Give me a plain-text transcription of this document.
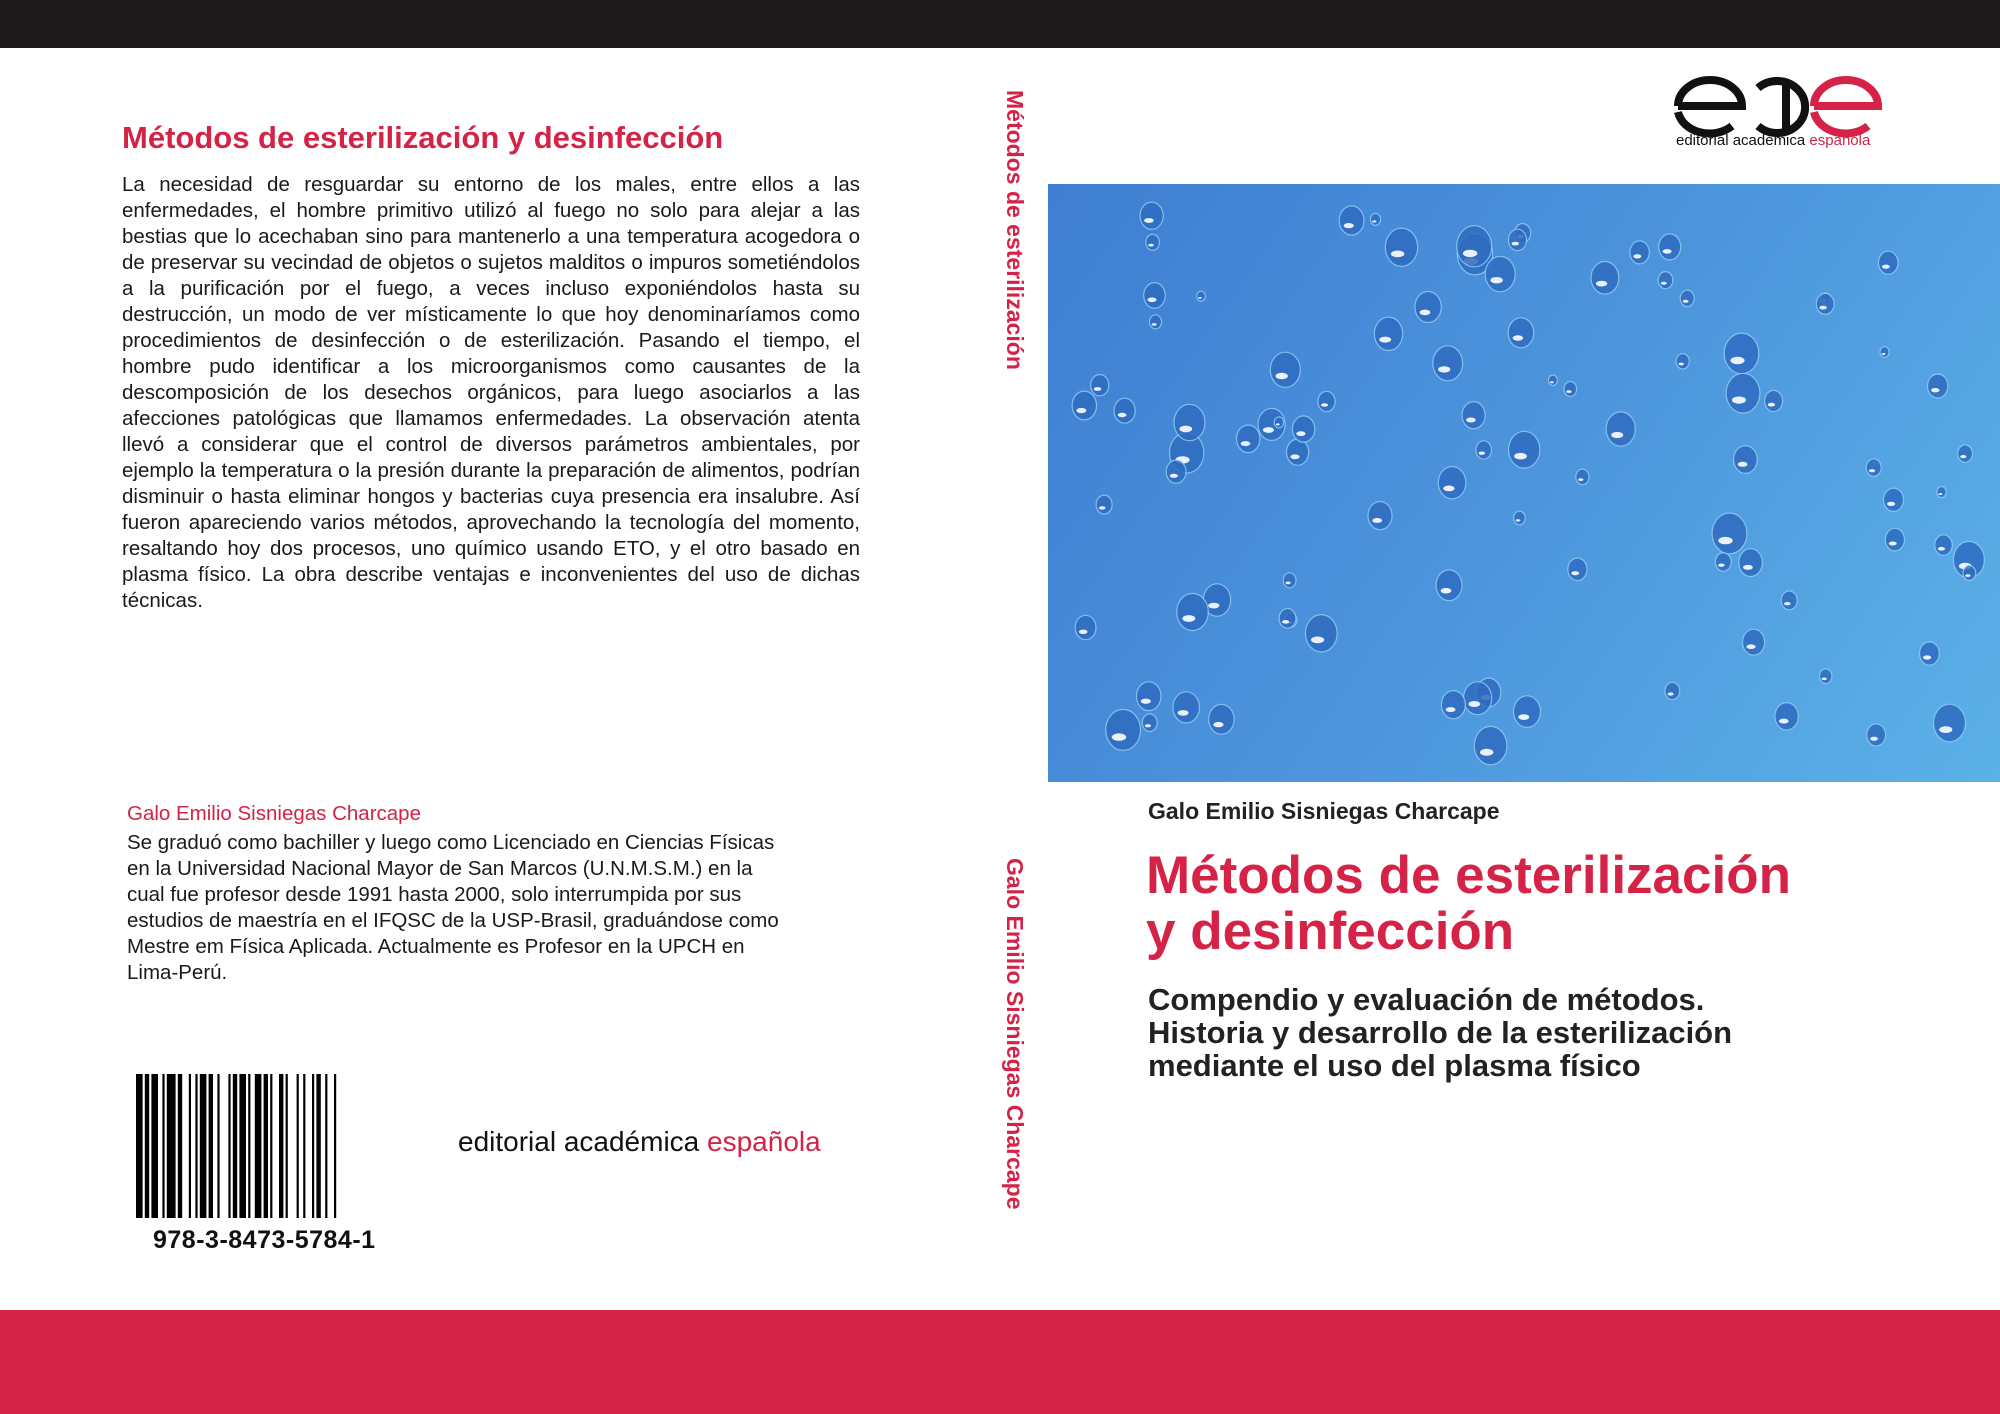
Métodos de esterilización y desinfección

La necesidad de resguardar su entorno de los males, entre ellos a las enfermedades, el hombre primitivo utilizó al fuego no solo para alejar a las bestias que lo acechaban sino para mantenerlo a una temperatura acogedora o de preservar su vecindad de objetos o sujetos malditos o impuros sometiéndolos a la purificación por el fuego, a veces incluso exponiéndolos hasta su destrucción, un modo de ver místicamente lo que hoy denominaríamos como procedimientos de desinfección o de esterilización. Pasando el tiempo, el hombre pudo identificar a los microorganismos como causantes de la descomposición de los desechos orgánicos, para luego asociarlos a las afecciones patológicas que llamamos enfermedades. La observación atenta llevó a considerar que el control de diversos parámetros ambientales, por ejemplo la temperatura o la presión durante la preparación de alimentos, podrían disminuir o hasta eliminar hongos y bacterias cuya presencia era insalubre. Así fueron apareciendo varios métodos, aprovechando la tecnología del momento, resaltando hoy dos procesos, uno químico usando ETO, y el otro basado en plasma físico. La obra describe ventajas e inconvenientes del uso de dichas técnicas.

Galo Emilio Sisniegas Charcape
Se graduó como bachiller y luego como Licenciado en Ciencias Físicas
en la Universidad Nacional Mayor de San Marcos (U.N.M.S.M.) en la
cual fue profesor desde 1991 hasta 2000, solo interrumpida por sus
estudios de maestría en el IFQSC de la USP-Brasil, graduándose como
Mestre em Física Aplicada. Actualmente es Profesor en la UPCH en
Lima-Perú.
978-3-8473-5784-1
editorial académica española
Métodos de esterilización
Galo Emilio Sisniegas Charcape
editorial académica española
Galo Emilio Sisniegas Charcape
Métodos de esterilización
y desinfección
Compendio y evaluación de métodos.
Historia y desarrollo de la esterilización
mediante el uso del plasma físico
